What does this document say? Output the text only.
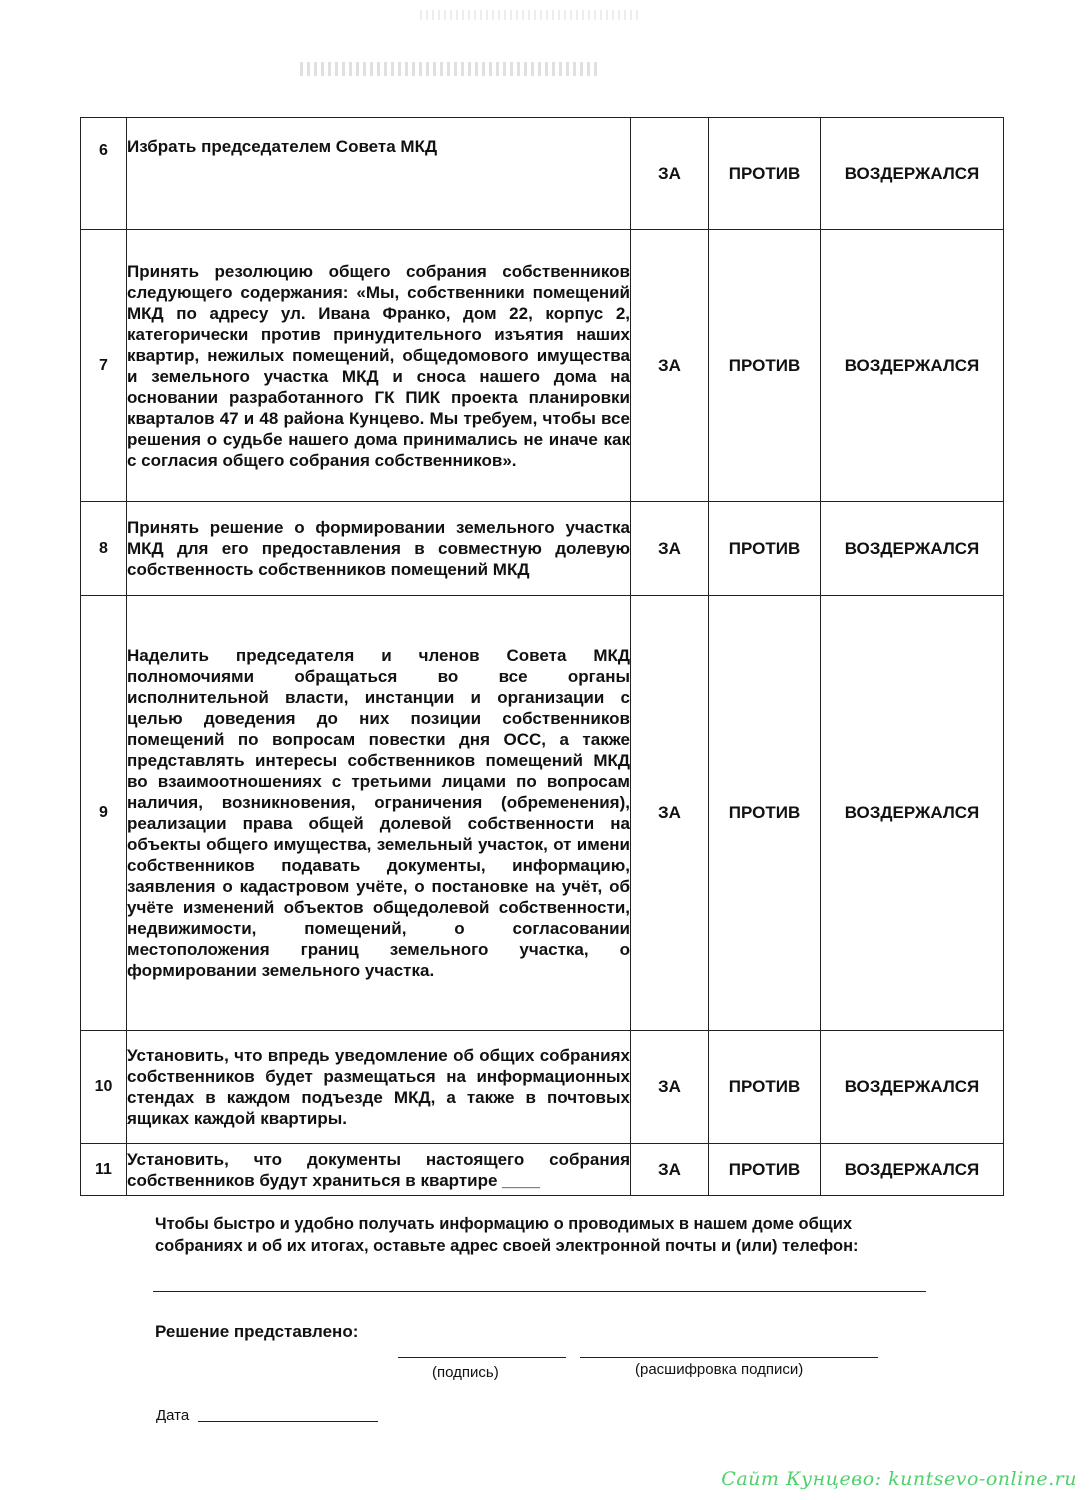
6	Избрать председателем Совета МКД	ЗА	ПРОТИВ	ВОЗДЕРЖАЛСЯ
7	Принять резолюцию общего собрания собственников следующего содержания: «Мы, собственники помещений МКД по адресу ул. Ивана Франко, дом 22, корпус 2, категорически против принудительного изъятия наших квартир, нежилых помещений, общедомового имущества и земельного участка МКД и сноса нашего дома на основании разработанного ГК ПИК проекта планировки кварталов 47 и 48 района Кунцево. Мы требуем, чтобы все решения о судьбе нашего дома принимались не иначе как с согласия общего собрания собственников».	ЗА	ПРОТИВ	ВОЗДЕРЖАЛСЯ
8	Принять решение о формировании земельного участка МКД для его предоставления в совместную долевую собственность собственников помещений МКД	ЗА	ПРОТИВ	ВОЗДЕРЖАЛСЯ
9	Наделить председателя и членов Совета МКД полномочиями обращаться во все органы исполнительной власти, инстанции и организации с целью доведения до них позиции собственников помещений по вопросам повестки дня ОСС, а также представлять интересы собственников помещений МКД во взаимоотношениях с третьими лицами по вопросам наличия, возникновения, ограничения (обременения), реализации права общей долевой собственности на объекты общего имущества, земельный участок, от имени собственников подавать документы, информацию, заявления о кадастровом учёте, о постановке на учёт, об учёте изменений объектов общедолевой собственности, недвижимости, помещений, о согласовании местоположения границ земельного участка, о формировании земельного участка.	ЗА	ПРОТИВ	ВОЗДЕРЖАЛСЯ
10	Установить, что впредь уведомление об общих собраниях собственников будет размещаться на информационных стендах в каждом подъезде МКД, а также в почтовых ящиках каждой квартиры.	ЗА	ПРОТИВ	ВОЗДЕРЖАЛСЯ
11	Установить, что документы настоящего собрания собственников будут храниться в квартире ____	ЗА	ПРОТИВ	ВОЗДЕРЖАЛСЯ
Чтобы быстро и удобно получать информацию о проводимых в нашем доме общих собраниях и об их итогах, оставьте адрес своей электронной почты и (или) телефон:
Решение представлено:
(подпись)	(расшифровка подписи)
Дата
Сайт Кунцево: kuntsevo-online.ru
